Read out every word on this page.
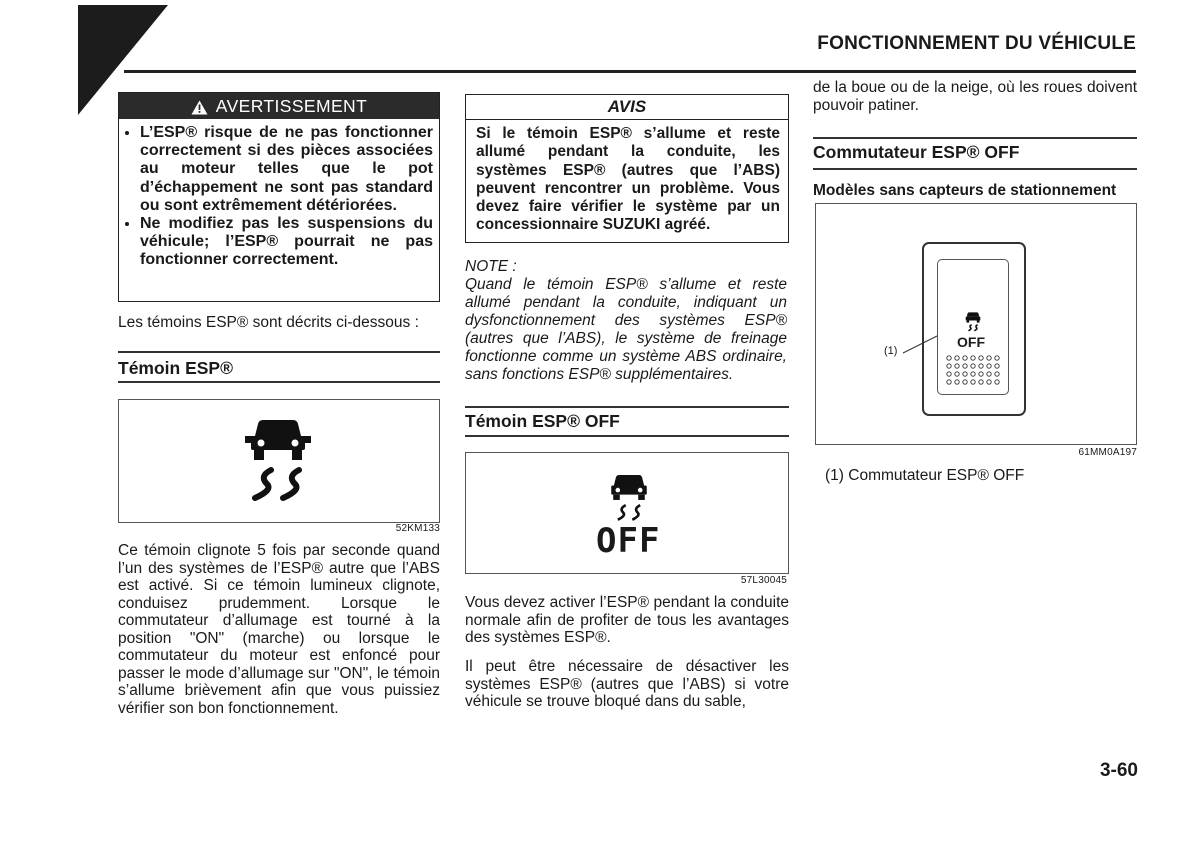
FONCTIONNEMENT DU VÉHICULE
AVERTISSEMENT
• L’ESP® risque de ne pas fonctionner correctement si des pièces associées au moteur telles que le pot d’échappement ne sont pas standard ou sont extrêmement détériorées.
• Ne modifiez pas les suspensions du véhicule; l’ESP® pourrait ne pas fonctionner correctement.

Les témoins ESP® sont décrits ci-dessous :

Témoin ESP®
52KM133

Ce témoin clignote 5 fois par seconde quand l’un des systèmes de l’ESP® autre que l’ABS est activé. Si ce témoin lumineux clignote, conduisez prudemment. Lorsque le commutateur d’allumage est tourné à la position "ON" (marche) ou lorsque le commutateur du moteur est enfoncé pour passer le mode d’allumage sur "ON", le témoin s’allume brièvement afin que vous puissiez vérifier son bon fonctionnement.

AVIS
Si le témoin ESP® s’allume et reste allumé pendant la conduite, les systèmes ESP® (autres que l’ABS) peuvent rencontrer un problème. Vous devez faire vérifier le système par un concessionnaire SUZUKI agréé.
NOTE :
Quand le témoin ESP® s’allume et reste allumé pendant la conduite, indiquant un dysfonctionnement des systèmes ESP® (autres que l’ABS), le système de freinage fonctionne comme un système ABS ordinaire, sans fonctions ESP® supplémentaires.
Témoin ESP® OFF
OFF
57L30045

Vous devez activer l’ESP® pendant la conduite normale afin de profiter de tous les avantages des systèmes ESP®.

Il peut être nécessaire de désactiver les systèmes ESP® (autres que l’ABS) si votre véhicule se trouve bloqué dans du sable,

de la boue ou de la neige, où les roues doivent pouvoir patiner.

Commutateur ESP® OFF
Modèles sans capteurs de stationnement
OFF
(1)
61MM0A197
(1) Commutateur ESP® OFF
3-60
